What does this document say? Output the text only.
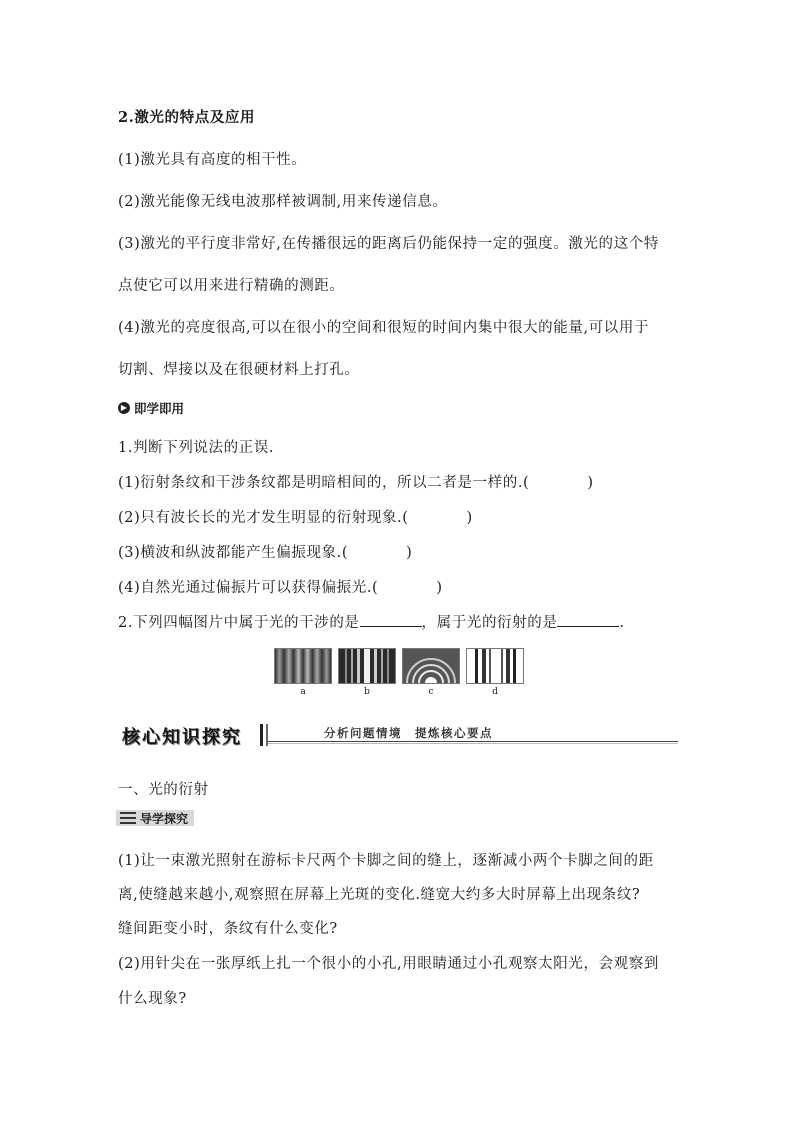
2.激光的特点及应用
(1)激光具有高度的相干性。
(2)激光能像无线电波那样被调制,用来传递信息。
(3)激光的平行度非常好,在传播很远的距离后仍能保持一定的强度。激光的这个特
点使它可以用来进行精确的测距。
(4)激光的亮度很高,可以在很小的空间和很短的时间内集中很大的能量,可以用于
切割、焊接以及在很硬材料上打孔。
▶ 即学即用
1.判断下列说法的正误.
(1)衍射条纹和干涉条纹都是明暗相间的，所以二者是一样的.(	)
(2)只有波长长的光才发生明显的衍射现象.(	)
(3)横波和纵波都能产生偏振现象.(	)
(4)自然光通过偏振片可以获得偏振光.(	)
2.下列四幅图片中属于光的干涉的是	，属于光的衍射的是	.
a	b	c	d
核心知识探究	分析问题情境　提炼核心要点
一、光的衍射
导学探究
(1)让一束激光照射在游标卡尺两个卡脚之间的缝上，逐渐减小两个卡脚之间的距
离,使缝越来越小,观察照在屏幕上光斑的变化.缝宽大约多大时屏幕上出现条纹?
缝间距变小时，条纹有什么变化?
(2)用针尖在一张厚纸上扎一个很小的小孔,用眼睛通过小孔观察太阳光，会观察到
什么现象?
